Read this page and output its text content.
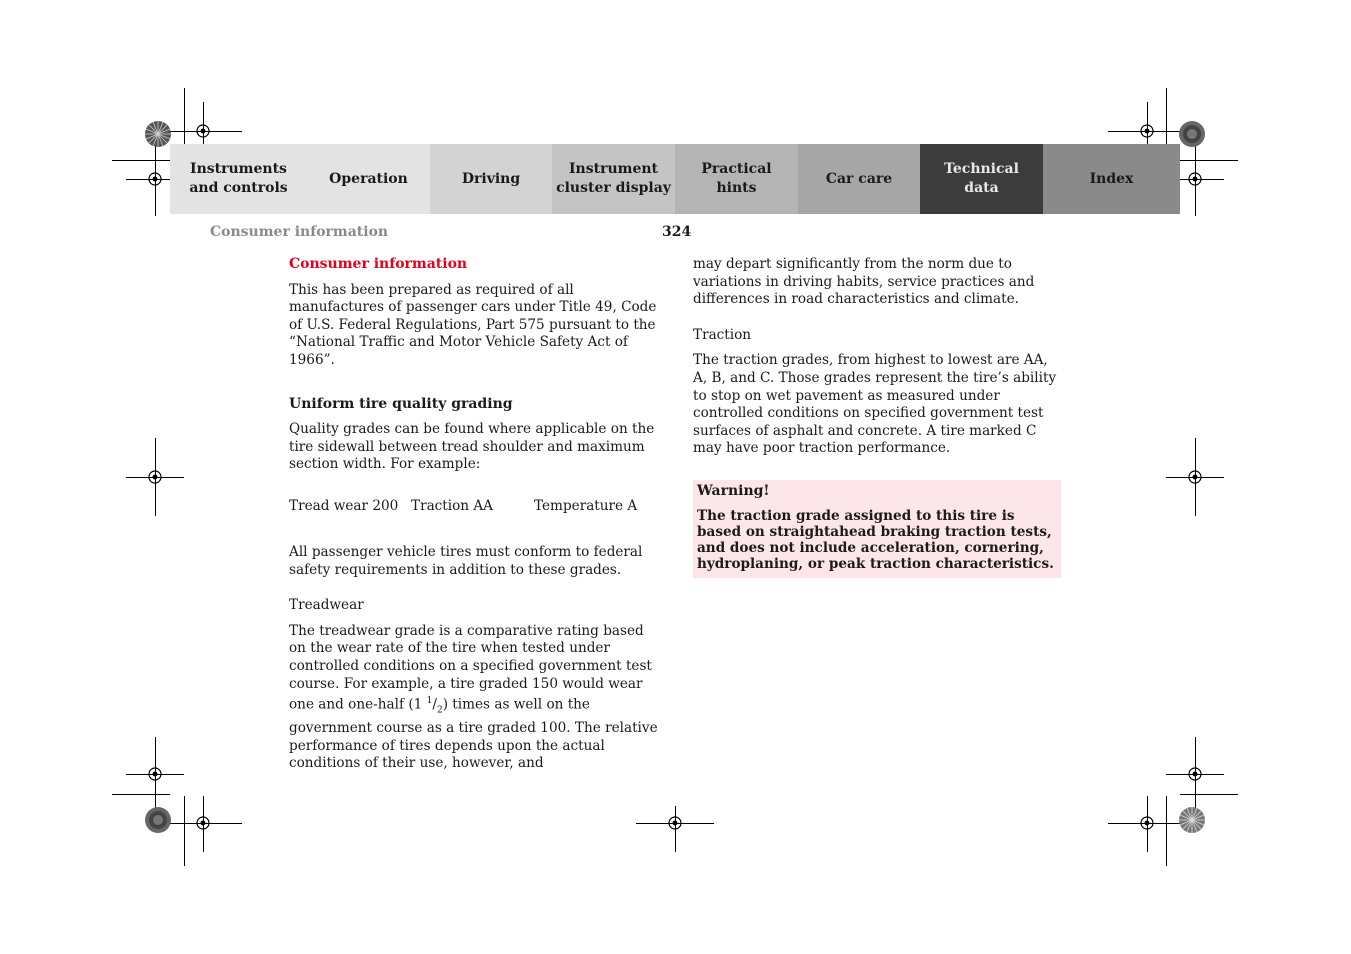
Instruments
and controls
Operation	Driving
Instrument
cluster display
Practical hints
Car care
Technical
data
Index
Consumer information	324

Consumer information

This has been prepared as required of all manufactures of passenger cars under Title 49, Code of U.S. Federal Regulations, Part 575 pursuant to the “National Traffic and Motor Vehicle Safety Act of 1966”.

Uniform tire quality grading

Quality grades can be found where applicable on the tire sidewall between tread shoulder and maximum section width. For example:

Tread wear 200 Traction AA	Temperature A

All passenger vehicle tires must conform to federal safety requirements in addition to these grades.

Treadwear

The treadwear grade is a comparative rating based on the wear rate of the tire when tested under controlled conditions on a specified government test course. For example, a tire graded 150 would wear one and one-half (1 $^1/_2$) times as well on the government course as a tire graded 100. The relative performance of tires depends upon the actual conditions of their use, however, and

may depart significantly from the norm due to variations in driving habits, service practices and differences in road characteristics and climate.

Traction

The traction grades, from highest to lowest are AA, A, B, and C. Those grades represent the tire’s ability to stop on wet pavement as measured under controlled conditions on specified government test surfaces of asphalt and concrete. A tire marked C may have poor traction performance.

Warning!
The traction grade assigned to this tire is based on straightahead braking traction tests, and does not include acceleration, cornering, hydroplaning, or peak traction characteristics.
